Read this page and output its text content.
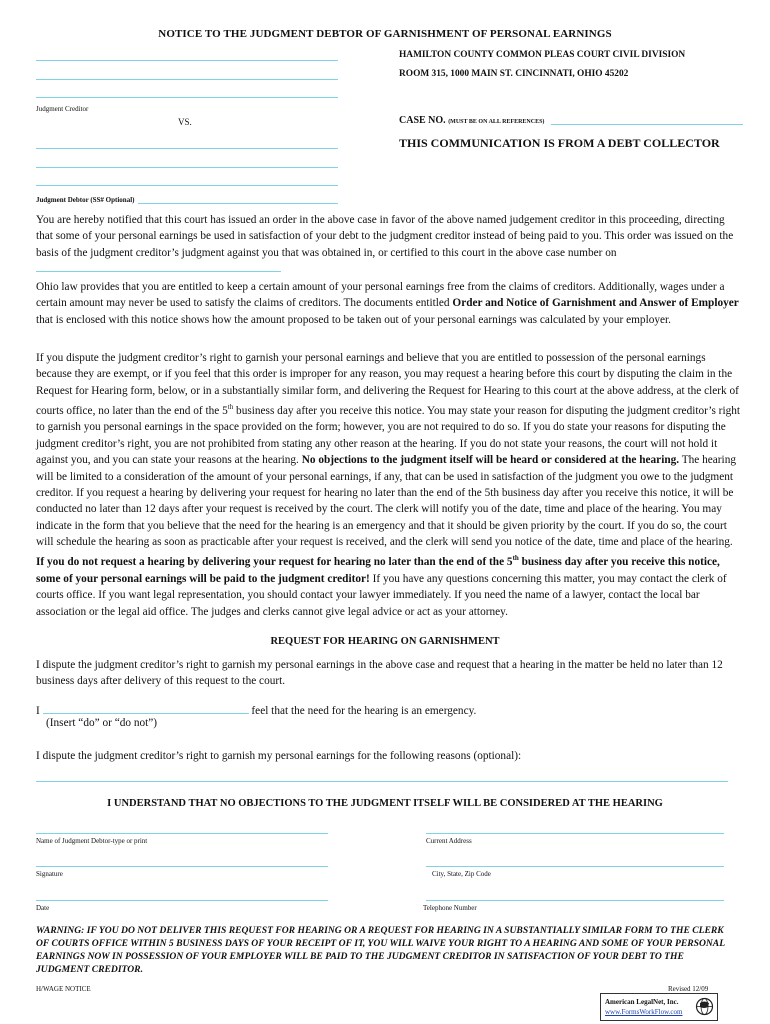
NOTICE TO THE JUDGMENT DEBTOR OF GARNISHMENT OF PERSONAL EARNINGS
Judgment Creditor
VS.
HAMILTON COUNTY COMMON PLEAS COURT CIVIL DIVISION
ROOM 315, 1000 MAIN ST. CINCINNATI, OHIO 45202
CASE NO. (MUST BE ON ALL REFERENCES)
THIS COMMUNICATION IS FROM A DEBT COLLECTOR
Judgment Debtor (SS# Optional)
You are hereby notified that this court has issued an order in the above case in favor of the above named judgement creditor in this proceeding, directing that some of your personal earnings be used in satisfaction of your debt to the judgment creditor instead of being paid to you. This order was issued on the basis of the judgment creditor’s judgment against you that was obtained in, or certified to this court in the above case number on
Ohio law provides that you are entitled to keep a certain amount of your personal earnings free from the claims of creditors. Additionally, wages under a certain amount may never be used to satisfy the claims of creditors. The documents entitled Order and Notice of Garnishment and Answer of Employer that is enclosed with this notice shows how the amount proposed to be taken out of your personal earnings was calculated by your employer.
If you dispute the judgment creditor’s right to garnish your personal earnings and believe that you are entitled to possession of the personal earnings because they are exempt, or if you feel that this order is improper for any reason, you may request a hearing before this court by disputing the claim in the Request for Hearing form, below, or in a substantially similar form, and delivering the Request for Hearing to this court at the above address, at the clerk of courts office, no later than the end of the 5th business day after you receive this notice. You may state your reason for disputing the judgment creditor’s right to garnish you personal earnings in the space provided on the form; however, you are not required to do so. If you do state your reasons for disputing the judgment creditor’s right, you are not prohibited from stating any other reason at the hearing. If you do not state your reasons, the court will not hold it against you, and you can state your reasons at the hearing. No objections to the judgment itself will be heard or considered at the hearing. The hearing will be limited to a consideration of the amount of your personal earnings, if any, that can be used in satisfaction of the judgment you owe to the judgment creditor. If you request a hearing by delivering your request for hearing no later than the end of the 5th business day after you receive this notice, it will be conducted no later than 12 days after your request is received by the court. The clerk will notify you of the date, time and place of the hearing. You may indicate in the form that you believe that the need for the hearing is an emergency and that it should be given priority by the court. If you do so, the court will schedule the hearing as soon as practicable after your request is received, and the clerk will send you notice of the date, time and place of the hearing. If you do not request a hearing by delivering your request for hearing no later than the end of the 5th business day after you receive this notice, some of your personal earnings will be paid to the judgment creditor! If you have any questions concerning this matter, you may contact the clerk of courts office. If you want legal representation, you should contact your lawyer immediately. If you need the name of a lawyer, contact the local bar association or the legal aid office. The judges and clerks cannot give legal advice or act as your attorney.
REQUEST FOR HEARING ON GARNISHMENT
I dispute the judgment creditor’s right to garnish my personal earnings in the above case and request that a hearing in the matter be held no later than 12 business days after delivery of this request to the court.
I	feel that the need for the hearing is an emergency.
(Insert “do” or “do not”)
I dispute the judgment creditor’s right to garnish my personal earnings for the following reasons (optional):
I UNDERSTAND THAT NO OBJECTIONS TO THE JUDGMENT ITSELF WILL BE CONSIDERED AT THE HEARING
Name of Judgment Debtor-type or print	Current Address
Signature	City, State, Zip Code
Date	Telephone Number
WARNING: IF YOU DO NOT DELIVER THIS REQUEST FOR HEARING OR A REQUEST FOR HEARING IN A SUBSTANTIALLY SIMILAR FORM TO THE CLERK OF COURTS OFFICE WITHIN 5 BUSINESS DAYS OF YOUR RECEIPT OF IT, YOU WILL WAIVE YOUR RIGHT TO A HEARING AND SOME OF YOUR PERSONAL EARNINGS NOW IN POSSESSION OF YOUR EMPLOYER WILL BE PAID TO THE JUDGMENT CREDITOR IN SATISFACTION OF YOUR DEBT TO THE JUDGMENT CREDITOR.
H/WAGE NOTICE	Revised 12/09
American LegalNet, Inc.
www.FormsWorkFlow.com
